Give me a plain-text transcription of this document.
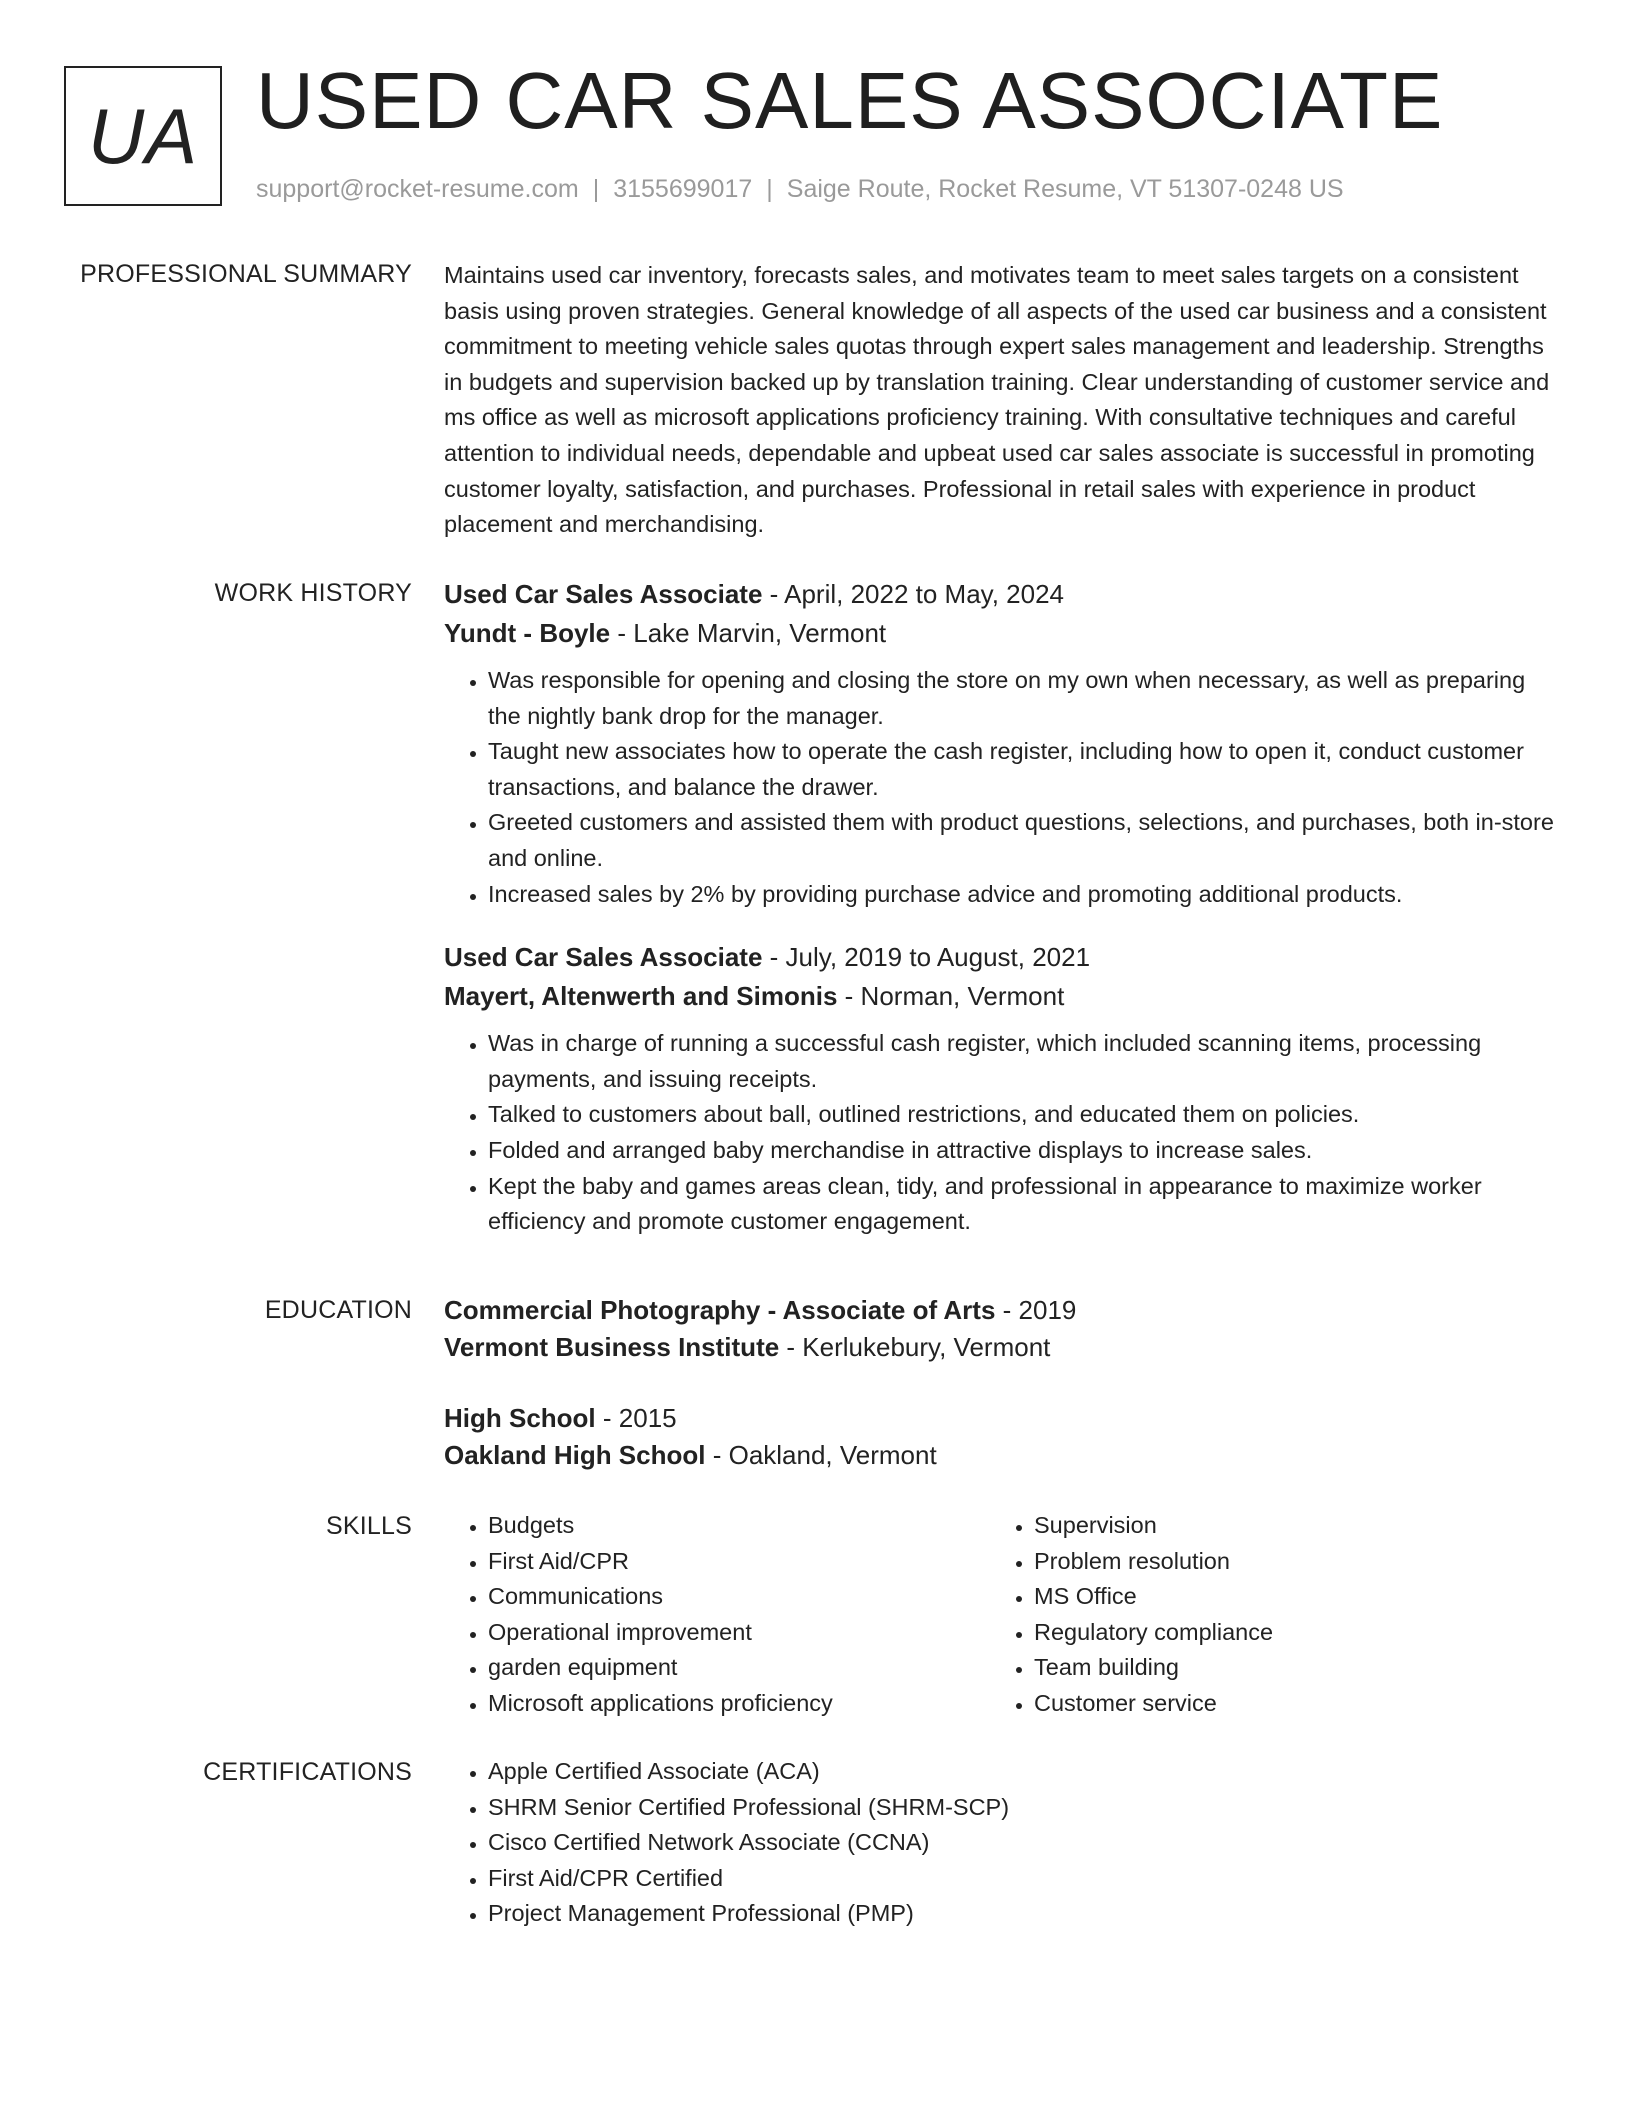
UA USED CAR SALES ASSOCIATE
support@rocket-resume.com | 3155699017 | Saige Route, Rocket Resume, VT 51307-0248 US
PROFESSIONAL SUMMARY Maintains used car inventory, forecasts sales, and motivates team to meet sales targets on a consistent basis using proven strategies. General knowledge of all aspects of the used car business and a consistent commitment to meeting vehicle sales quotas through expert sales management and leadership. Strengths in budgets and supervision backed up by translation training. Clear understanding of customer service and ms office as well as microsoft applications proficiency training. With consultative techniques and careful attention to individual needs, dependable and upbeat used car sales associate is successful in promoting customer loyalty, satisfaction, and purchases. Professional in retail sales with experience in product placement and merchandising.

WORK HISTORY Used Car Sales Associate - April, 2022 to May, 2024
Yundt - Boyle - Lake Marvin, Vermont
• Was responsible for opening and closing the store on my own when necessary, as well as preparing the nightly bank drop for the manager.
• Taught new associates how to operate the cash register, including how to open it, conduct customer transactions, and balance the drawer.
• Greeted customers and assisted them with product questions, selections, and purchases, both in-store and online.
• Increased sales by 2% by providing purchase advice and promoting additional products.
Used Car Sales Associate - July, 2019 to August, 2021
Mayert, Altenwerth and Simonis - Norman, Vermont
• Was in charge of running a successful cash register, which included scanning items, processing payments, and issuing receipts.
• Talked to customers about ball, outlined restrictions, and educated them on policies.
• Folded and arranged baby merchandise in attractive displays to increase sales.
• Kept the baby and games areas clean, tidy, and professional in appearance to maximize worker efficiency and promote customer engagement.
EDUCATION Commercial Photography - Associate of Arts - 2019
Vermont Business Institute - Kerlukebury, Vermont
High School - 2015
Oakland High School - Oakland, Vermont
SKILLS	• Budgets
• First Aid/CPR
• Communications
• Operational improvement
• garden equipment
• Microsoft applications proficiency
• Supervision
• Problem resolution
• MS Office
• Regulatory compliance
• Team building
• Customer service
CERTIFICATIONS	• Apple Certified Associate (ACA)
• SHRM Senior Certified Professional (SHRM-SCP)
• Cisco Certified Network Associate (CCNA)
• First Aid/CPR Certified
• Project Management Professional (PMP)
